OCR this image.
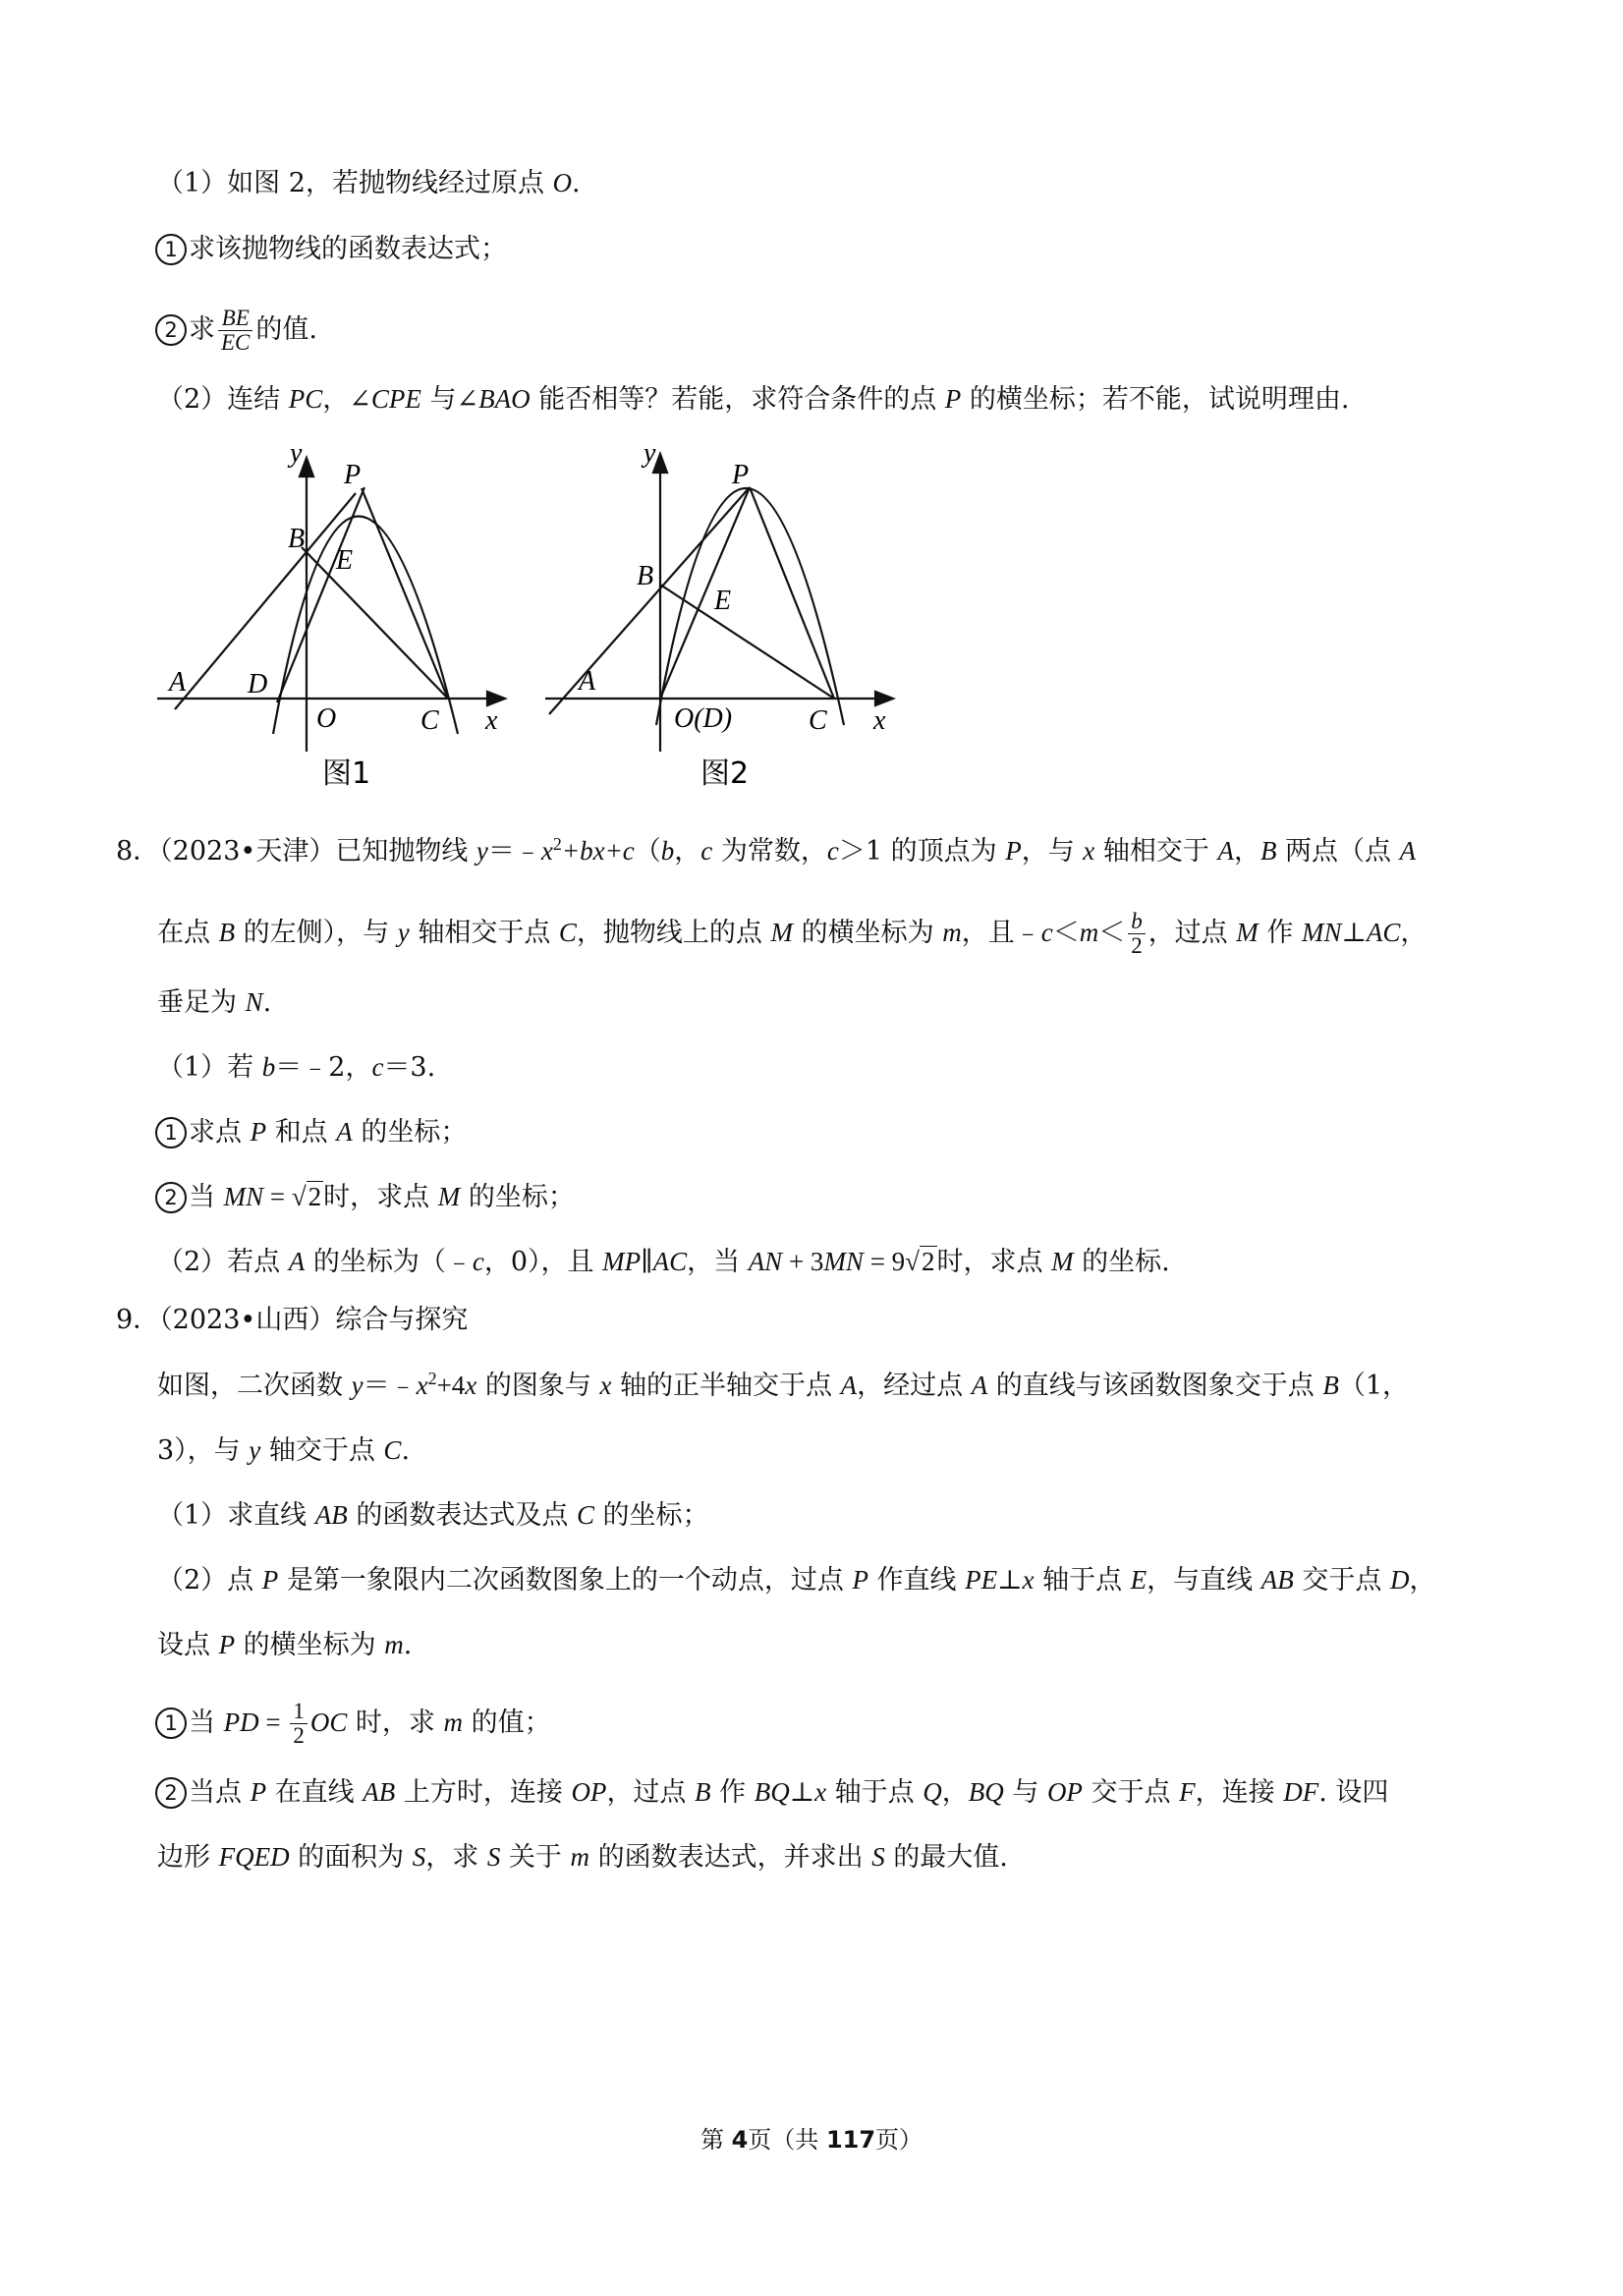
（1）如图 2，若抛物线经过原点 O.
1 求该抛物线的函数表达式；
2 求 $\frac{BE}{EC}$ 的值.
（2）连结 PC，∠CPE 与∠BAO 能否相等？若能，求符合条件的点 P 的横坐标；若不能，试说明理由.
y
x
P
B
E
A D
O	C
图1
y
x
P
B
E
A
O(D)	C
图2
8．（2023•天津）已知抛物线 $y=﹣x^2+bx+c(b$，c 为常数，c＞1 的顶点为 P，与 x 轴相交于 A，B 两点（点 A
在点 B 的左侧），与 y 轴相交于点 C，抛物线上的点 M 的横坐标为 m，且﹣c＜m＜ $\frac{b}{2}$ ，过点 M 作 MN⊥AC，
垂足为 N.
（1）若 b＝﹣2，c＝3.
1 求点 P 和点 A 的坐标；
2 当 MN = √2时，求点 M 的坐标；
（2）若点 A 的坐标为（﹣c，0），且 MP∥AC，当 AN + 3MN = 9√2时，求点 M 的坐标.
9．（2023•山西）综合与探究
如图，二次函数 $y=﹣x^2+4x$ 的图象与 x 轴的正半轴交于点 A，经过点 A 的直线与该函数图象交于点 B（1，
3），与 y 轴交于点 C.
（1）求直线 AB 的函数表达式及点 C 的坐标；
（2）点 P 是第一象限内二次函数图象上的一个动点，过点 P 作直线 PE⊥x 轴于点 E，与直线 AB 交于点 D，
设点 P 的横坐标为 m.
1 当 PD = $\frac{1}{2}$ OC 时，求 m 的值；
2 当点 P 在直线 AB 上方时，连接 OP，过点 B 作 BQ⊥x 轴于点 Q，BQ 与 OP 交于点 F，连接 DF. 设四
边形 FQED 的面积为 S，求 S 关于 m 的函数表达式，并求出 S 的最大值.
第 4页（共 117页）
